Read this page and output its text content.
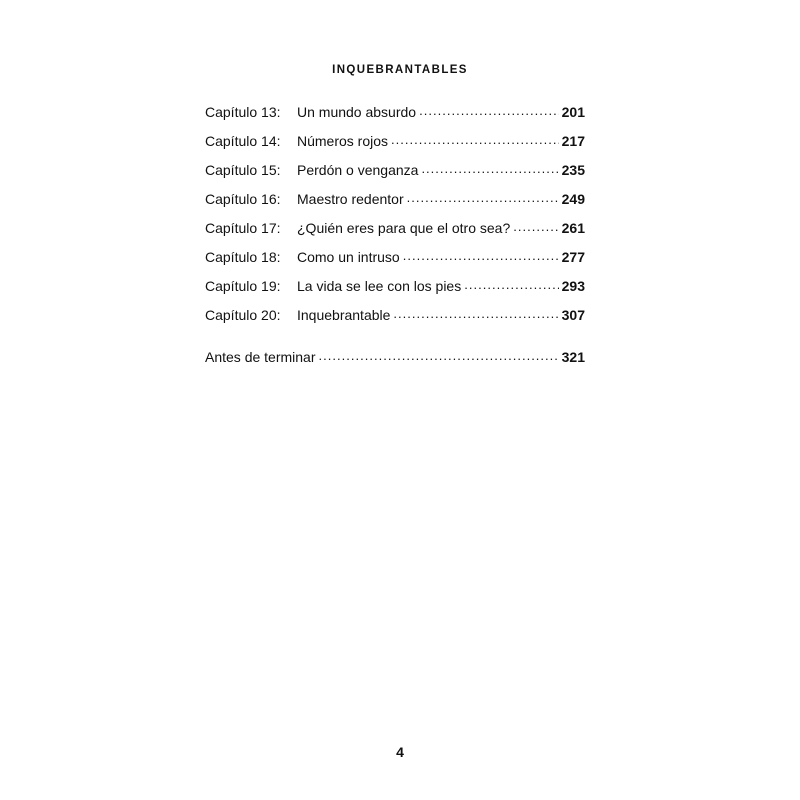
INQUEBRANTABLES
Capítulo 13:	Un mundo absurdo . . .	201
Capítulo 14:	Números rojos . . .	217
Capítulo 15:	Perdón o venganza . . .	235
Capítulo 16:	Maestro redentor . . .	249
Capítulo 17:	¿Quién eres para que el otro sea? . . .	261
Capítulo 18:	Como un intruso . . .	277
Capítulo 19:	La vida se lee con los pies . . .	293
Capítulo 20:	Inquebrantable . . .	307
Antes de terminar . . .	321
4
